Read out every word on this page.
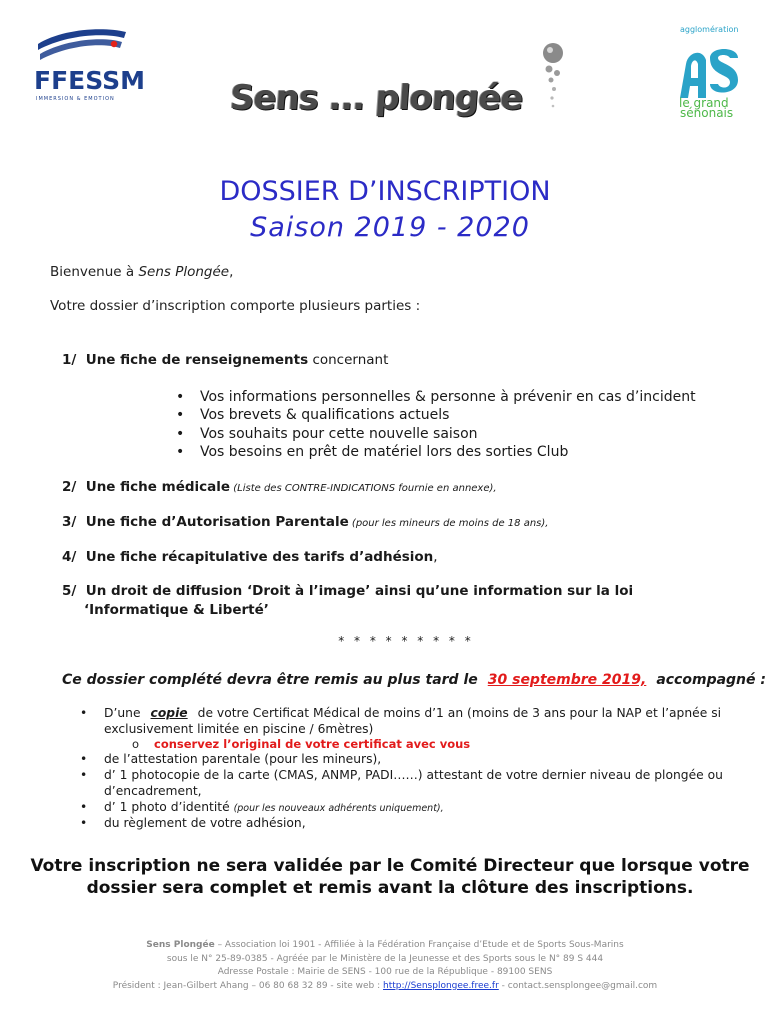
FFESSM
IMMERSION & EMOTION	Sens ... plongée
agglomération
le grand
sénonais
DOSSIER D’INSCRIPTION
Saison 2019 - 2020
Bienvenue à Sens Plongée,
Votre dossier d’inscription comporte plusieurs parties :
1/ Une fiche de renseignements concernant
• Vos informations personnelles & personne à prévenir en cas d’incident
• Vos brevets & qualifications actuels
• Vos souhaits pour cette nouvelle saison
• Vos besoins en prêt de matériel lors des sorties Club
2/ Une fiche médicale (Liste des CONTRE-INDICATIONS fournie en annexe),
3/ Une fiche d’Autorisation Parentale (pour les mineurs de moins de 18 ans),
4/ Une fiche récapitulative des tarifs d’adhésion,
5/ Un droit de diffusion ‘Droit à l’image’ ainsi qu’une information sur la loi
‘Informatique & Liberté’
* * * * * * * * *
Ce dossier complété devra être remis au plus tard le 30 septembre 2019, accompagné :
• D’une copie de votre Certificat Médical de moins d’1 an (moins de 3 ans pour la NAP et l’apnée si exclusivement limitée en piscine / 6mètres)
o conservez l’original de votre certificat avec vous
• de l’attestation parentale (pour les mineurs),
• d’ 1 photocopie de la carte (CMAS, ANMP, PADI……) attestant de votre dernier niveau de plongée ou d’encadrement,
• d’ 1 photo d’identité (pour les nouveaux adhérents uniquement),
• du règlement de votre adhésion,
Votre inscription ne sera validée par le Comité Directeur que lorsque votre
dossier sera complet et remis avant la clôture des inscriptions.
Sens Plongée – Association loi 1901 - Affiliée à la Fédération Française d’Etude et de Sports Sous-Marins
sous le N° 25-89-0385 - Agréée par le Ministère de la Jeunesse et des Sports sous le N° 89 S 444
Adresse Postale : Mairie de SENS - 100 rue de la République - 89100 SENS
Président : Jean-Gilbert Ahang – 06 80 68 32 89 - site web : http://Sensplongee.free.fr - contact.sensplongee@gmail.com
